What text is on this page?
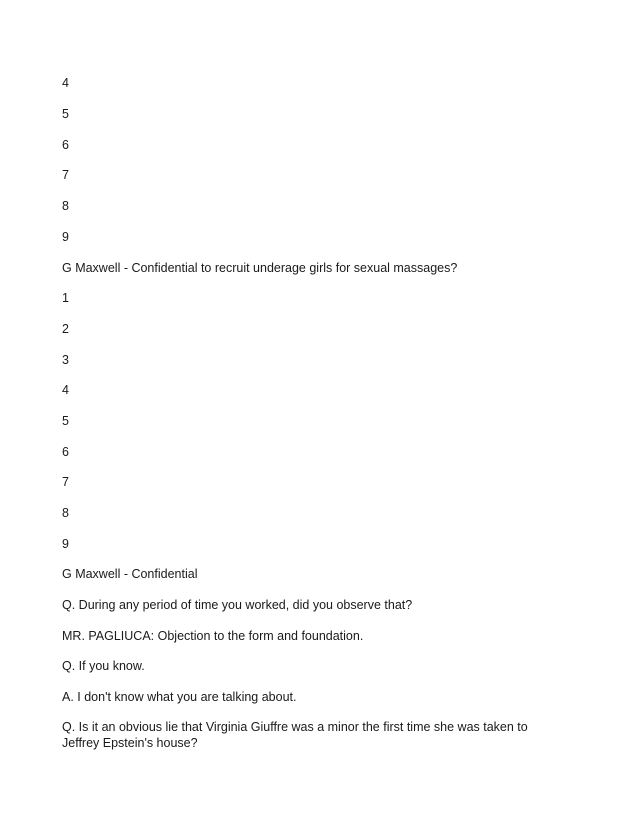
4
5
6
7
8
9
G Maxwell - Confidential to recruit underage girls for sexual massages?
1
2
3
4
5
6
7
8
9
G Maxwell - Confidential
Q. During any period of time you worked, did you observe that?
MR. PAGLIUCA: Objection to the form and foundation.
Q. If you know.
A. I don't know what you are talking about.
Q. Is it an obvious lie that Virginia Giuffre was a minor the first time she was taken to Jeffrey Epstein's house?
